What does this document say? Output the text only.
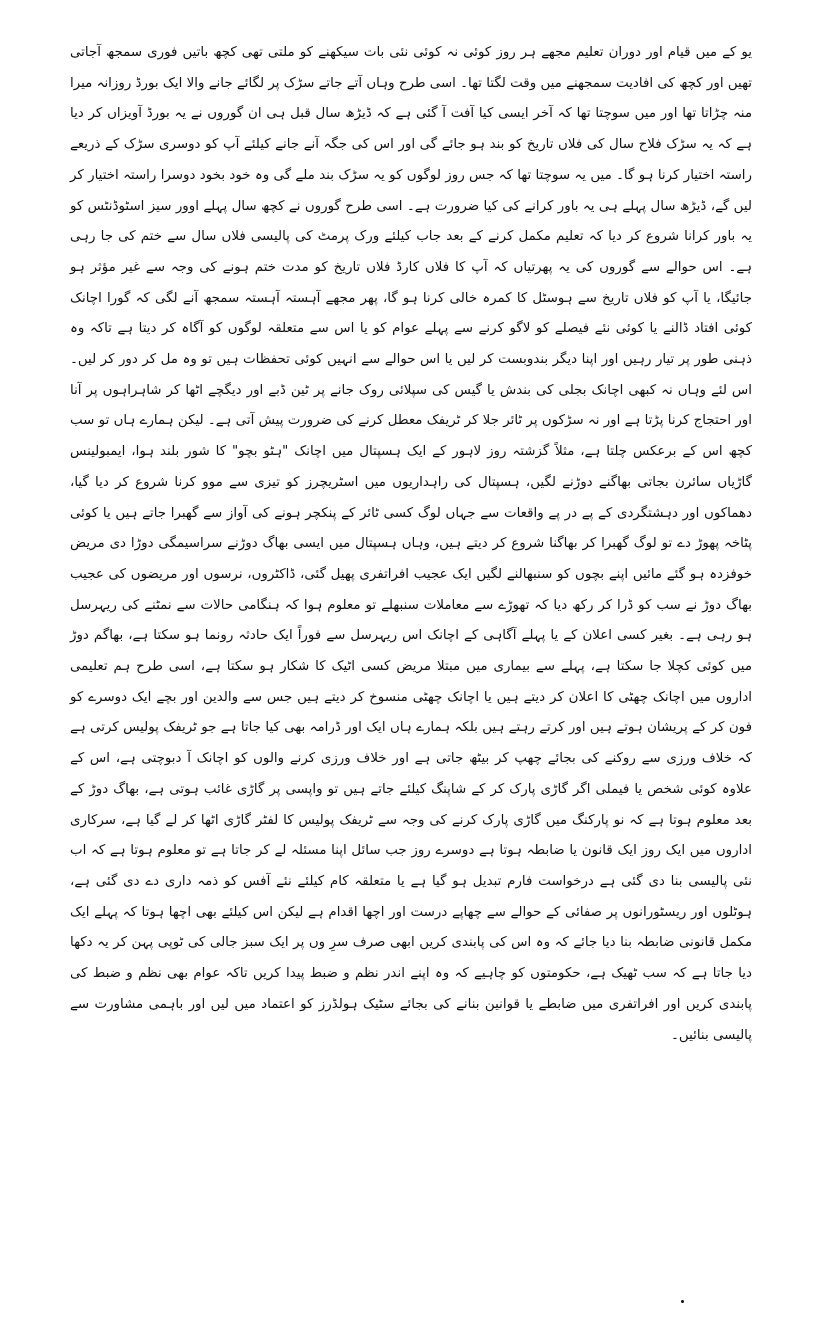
یو کے میں قیام اور دوران تعلیم مجھے ہر روز کوئی نہ کوئی نئی بات سیکھنے کو ملتی تھی کچھ باتیں فوری سمجھ آجاتی تھیں اور کچھ کی افادیت سمجھنے میں وقت لگتا تھا۔ اسی طرح وہاں آتے جاتے سڑک پر لگائے جانے والا ایک بورڈ روزانہ میرا منہ چڑاتا تھا اور میں سوچتا تھا کہ آخر ایسی کیا آفت آ گئی ہے کہ ڈیڑھ سال قبل ہی ان گوروں نے یہ بورڈ آویزاں کر دیا ہے کہ یہ سڑک فلاح سال کی فلاں تاریخ کو بند ہو جائے گی اور اس کی جگہ آنے جانے کیلئے آپ کو دوسری سڑک کے ذریعے راستہ اختیار کرنا ہو گا۔ میں یہ سوچتا تھا کہ جس روز لوگوں کو یہ سڑک بند ملے گی وہ خود بخود دوسرا راستہ اختیار کر لیں گے، ڈیڑھ سال پہلے ہی یہ باور کرانے کی کیا ضرورت ہے۔ اسی طرح گوروں نے کچھ سال پہلے اوور سیز اسٹوڈنٹس کو یہ باور کرانا شروع کر دیا کہ تعلیم مکمل کرنے کے بعد جاب کیلئے ورک پرمٹ کی پالیسی فلاں سال سے ختم کی جا رہی ہے۔ اس حوالے سے گوروں کی یہ پھرتیاں کہ آپ کا فلاں کارڈ فلاں تاریخ کو مدت ختم ہونے کی وجہ سے غیر مؤثر ہو جائیگا، یا آپ کو فلاں تاریخ سے ہوسٹل کا کمرہ خالی کرنا ہو گا، پھر مجھے آہستہ آہستہ سمجھ آنے لگی کہ گورا اچانک کوئی افتاد ڈالنے یا کوئی نئے فیصلے کو لاگو کرنے سے پہلے عوام کو یا اس سے متعلقہ لوگوں کو آگاہ کر دیتا ہے تاکہ وہ ذہنی طور پر تیار رہیں اور اپنا دیگر بندوبست کر لیں یا اس حوالے سے انہیں کوئی تحفظات ہیں تو وہ مل کر دور کر لیں۔ اس لئے وہاں نہ کبھی اچانک بجلی کی بندش یا گیس کی سپلائی روک جانے پر ٹین ڈبے اور دیگچے اٹھا کر شاہراہوں پر آنا اور احتجاج کرنا پڑتا ہے اور نہ سڑکوں پر ٹائر جلا کر ٹریفک معطل کرنے کی ضرورت پیش آتی ہے۔ لیکن ہمارے ہاں تو سب کچھ اس کے برعکس چلتا ہے، مثلاً گزشتہ روز لاہور کے ایک ہسپتال میں اچانک "ہٹو بچو" کا شور بلند ہوا، ایمبولینس گاڑیاں سائرن بجاتی بھاگنے دوڑنے لگیں، ہسپتال کی راہداریوں میں اسٹریچرز کو تیزی سے موو کرنا شروع کر دیا گیا، دھماکوں اور دہشتگردی کے پے در پے واقعات سے جہاں لوگ کسی ٹائر کے پنکچر ہونے کی آواز سے گھبرا جاتے ہیں یا کوئی پٹاخہ پھوڑ دے تو لوگ گھبرا کر بھاگنا شروع کر دیتے ہیں، وہاں ہسپتال میں ایسی بھاگ دوڑنے سراسیمگی دوڑا دی مریض خوفزدہ ہو گئے مائیں اپنے بچوں کو سنبھالنے لگیں ایک عجیب افراتفری پھیل گئی، ڈاکٹروں، نرسوں اور مریضوں کی عجیب بھاگ دوڑ نے سب کو ڈرا کر رکھ دیا کہ تھوڑے سے معاملات سنبھلے تو معلوم ہوا کہ ہنگامی حالات سے نمٹنے کی ریہرسل ہو رہی ہے۔ بغیر کسی اعلان کے یا پہلے آگاہی کے اچانک اس ریہرسل سے فوراً ایک حادثہ رونما ہو سکتا ہے، بھاگم دوڑ میں کوئی کچلا جا سکتا ہے، پہلے سے بیماری میں مبتلا مریض کسی اٹیک کا شکار ہو سکتا ہے، اسی طرح ہم تعلیمی اداروں میں اچانک چھٹی کا اعلان کر دیتے ہیں یا اچانک چھٹی منسوخ کر دیتے ہیں جس سے والدین اور بچے ایک دوسرے کو فون کر کے پریشان ہوتے ہیں اور کرتے رہتے ہیں بلکہ ہمارے ہاں ایک اور ڈرامہ بھی کیا جاتا ہے جو ٹریفک پولیس کرتی ہے کہ خلاف ورزی سے روکنے کی بجائے چھپ کر بیٹھ جاتی ہے اور خلاف ورزی کرنے والوں کو اچانک آ دبوچتی ہے، اس کے علاوہ کوئی شخص یا فیملی اگر گاڑی پارک کر کے شاپنگ کیلئے جاتے ہیں تو واپسی پر گاڑی غائب ہوتی ہے، بھاگ دوڑ کے بعد معلوم ہوتا ہے کہ نو پارکنگ میں گاڑی پارک کرنے کی وجہ سے ٹریفک پولیس کا لفٹر گاڑی اٹھا کر لے گیا ہے، سرکاری اداروں میں ایک روز ایک قانون یا ضابطہ ہوتا ہے دوسرے روز جب سائل اپنا مسئلہ لے کر جاتا ہے تو معلوم ہوتا ہے کہ اب نئی پالیسی بنا دی گئی ہے درخواست فارم تبدیل ہو گیا ہے یا متعلقہ کام کیلئے نئے آفس کو ذمہ داری دے دی گئی ہے، ہوٹلوں اور ریسٹورانوں پر صفائی کے حوالے سے چھاپے درست اور اچھا اقدام ہے لیکن اس کیلئے بھی اچھا ہوتا کہ پہلے ایک مکمل قانونی ضابطہ بنا دیا جائے کہ وہ اس کی پابندی کریں ابھی صرف سرِ وں پر ایک سبز جالی کی ٹوپی پہن کر یہ دکھا دیا جاتا ہے کہ سب ٹھیک ہے، حکومتوں کو چاہیے کہ وہ اپنے اندر نظم و ضبط پیدا کریں تاکہ عوام بھی نظم و ضبط کی پابندی کریں اور افراتفری میں ضابطے یا قوانین بنانے کی بجائے سٹیک ہولڈرز کو اعتماد میں لیں اور باہمی مشاورت سے پالیسی بنائیں۔
